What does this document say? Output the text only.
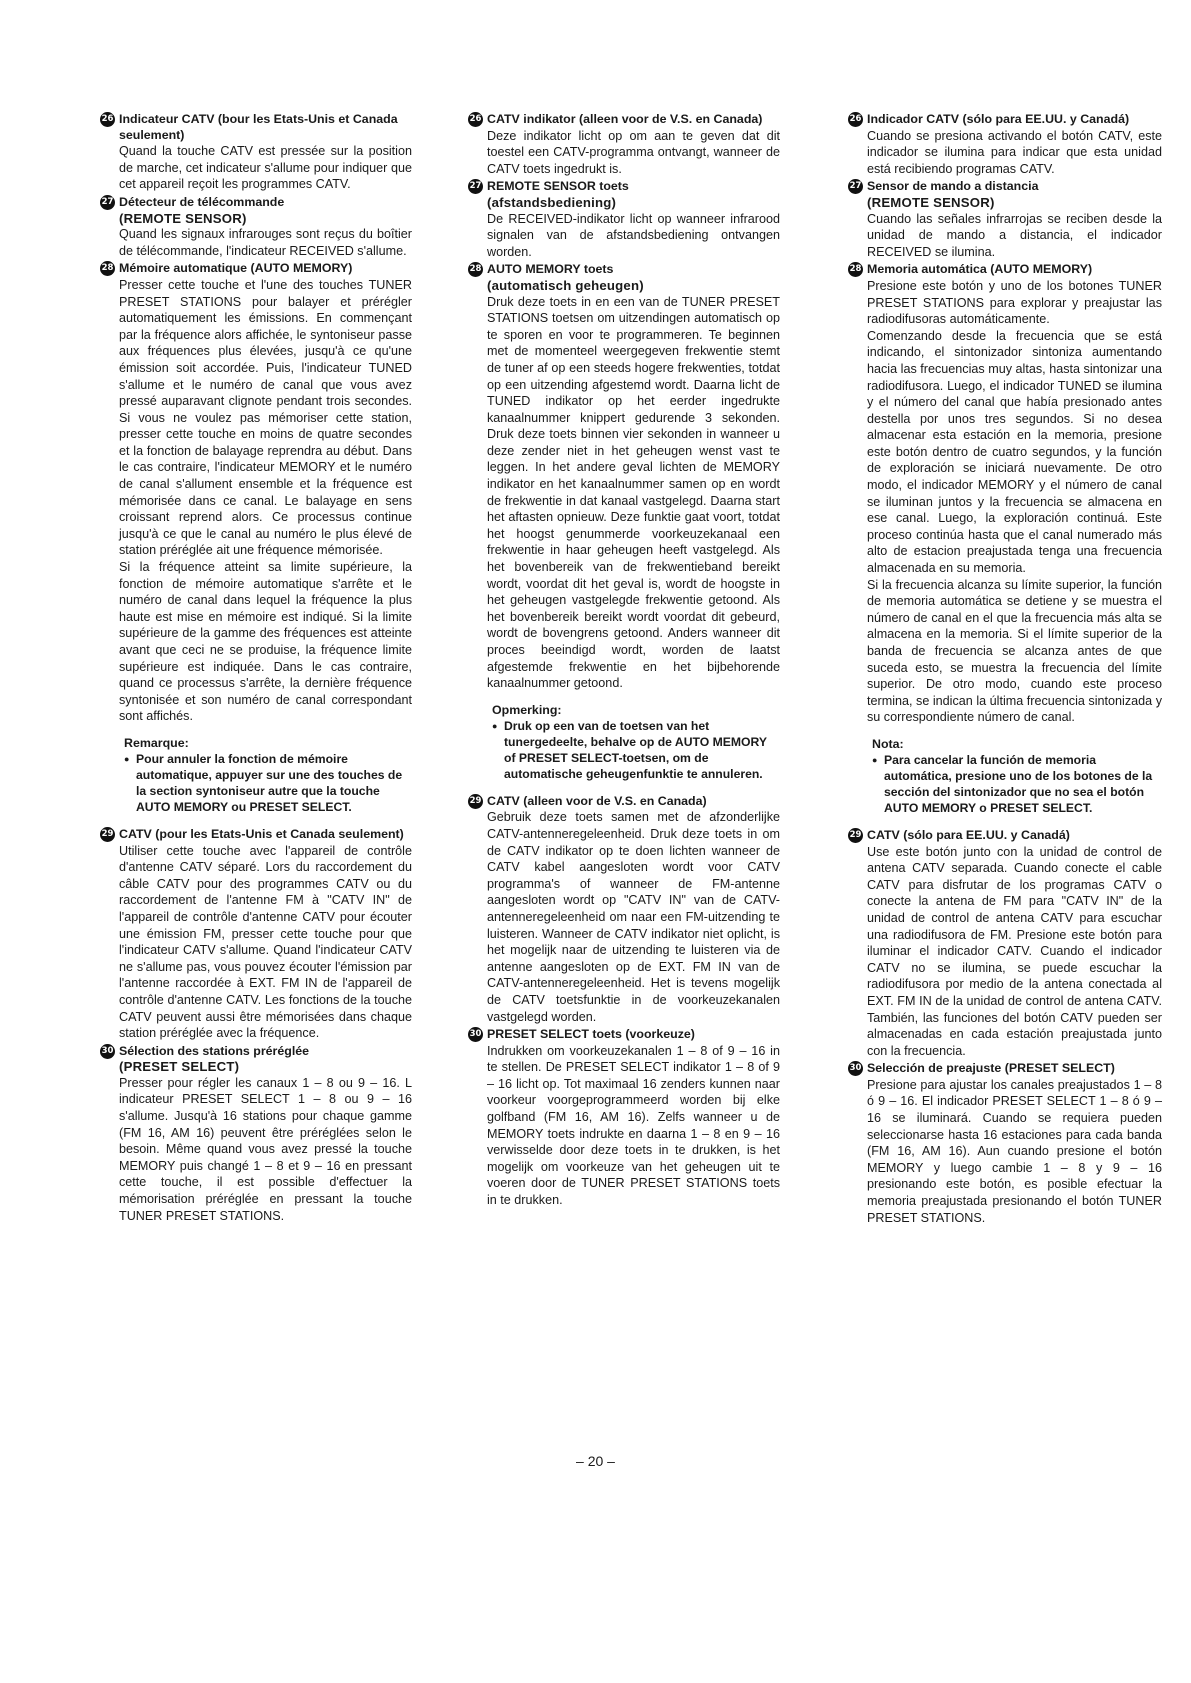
26 Indicateur CATV (bour les Etats-Unis et Canada seulement)

Quand la touche CATV est pressée sur la position de marche, cet indicateur s'allume pour indiquer que cet appareil reçoit les programmes CATV.

27 Détecteur de télécommande
(REMOTE SENSOR)

Quand les signaux infrarouges sont reçus du boîtier de télécommande, l'indicateur RECEIVED s'allume.

28 Mémoire automatique (AUTO MEMORY)

Presser cette touche et l'une des touches TUNER PRESET STATIONS pour balayer et prérégler automatiquement les émissions. En commençant par la fréquence alors affichée, le syntoniseur passe aux fréquences plus élevées, jusqu'à ce qu'une émission soit accordée. Puis, l'indicateur TUNED s'allume et le numéro de canal que vous avez pressé auparavant clignote pendant trois secondes. Si vous ne voulez pas mémoriser cette station, presser cette touche en moins de quatre secondes et la fonction de balayage reprendra au début. Dans le cas contraire, l'indicateur MEMORY et le numéro de canal s'allument ensemble et la fréquence est mémorisée dans ce canal. Le balayage en sens croissant reprend alors. Ce processus continue jusqu'à ce que le canal au numéro le plus élevé de station préréglée ait une fréquence mémorisée.

Si la fréquence atteint sa limite supérieure, la fonction de mémoire automatique s'arrête et le numéro de canal dans lequel la fréquence la plus haute est mise en mémoire est indiqué. Si la limite supérieure de la gamme des fréquences est atteinte avant que ceci ne se produise, la fréquence limite supérieure est indiquée. Dans le cas contraire, quand ce processus s'arrête, la dernière fréquence syntonisée et son numéro de canal correspondant sont affichés.

Remarque:
● Pour annuler la fonction de mémoire automatique, appuyer sur une des touches de la section syntoniseur autre que la touche AUTO MEMORY ou PRESET SELECT.
29 CATV (pour les Etats-Unis et Canada seulement)

Utiliser cette touche avec l'appareil de contrôle d'antenne CATV séparé. Lors du raccordement du câble CATV pour des programmes CATV ou du raccordement de l'antenne FM à "CATV IN" de l'appareil de contrôle d'antenne CATV pour écouter une émission FM, presser cette touche pour que l'indicateur CATV s'allume. Quand l'indicateur CATV ne s'allume pas, vous pouvez écouter l'émission par l'antenne raccordée à EXT. FM IN de l'appareil de contrôle d'antenne CATV. Les fonctions de la touche CATV peuvent aussi être mémorisées dans chaque station préréglée avec la fréquence.

30 Sélection des stations préréglée
(PRESET SELECT)

Presser pour régler les canaux 1 – 8 ou 9 – 16. L indicateur PRESET SELECT 1 – 8 ou 9 – 16 s'allume. Jusqu'à 16 stations pour chaque gamme (FM 16, AM 16) peuvent être préréglées selon le besoin. Même quand vous avez pressé la touche MEMORY puis changé 1 – 8 et 9 – 16 en pressant cette touche, il est possible d'effectuer la mémorisation préréglée en pressant la touche TUNER PRESET STATIONS.

26 CATV indikator (alleen voor de V.S. en Canada)

Deze indikator licht op om aan te geven dat dit toestel een CATV-programma ontvangt, wanneer de CATV toets ingedrukt is.

27 REMOTE SENSOR toets
(afstandsbediening)

De RECEIVED-indikator licht op wanneer infrarood signalen van de afstandsbediening ontvangen worden.

28 AUTO MEMORY toets
(automatisch geheugen)

Druk deze toets in en een van de TUNER PRESET STATIONS toetsen om uitzendingen automatisch op te sporen en voor te programmeren. Te beginnen met de momenteel weergegeven frekwentie stemt de tuner af op een steeds hogere frekwenties, totdat op een uitzending afgestemd wordt. Daarna licht de TUNED indikator op het eerder ingedrukte kanaalnummer knippert gedurende 3 sekonden. Druk deze toets binnen vier sekonden in wanneer u deze zender niet in het geheugen wenst vast te leggen. In het andere geval lichten de MEMORY indikator en het kanaalnummer samen op en wordt de frekwentie in dat kanaal vastgelegd. Daarna start het aftasten opnieuw. Deze funktie gaat voort, totdat het hoogst genummerde voorkeuzekanaal een frekwentie in haar geheugen heeft vastgelegd. Als het bovenbereik van de frekwentieband bereikt wordt, voordat dit het geval is, wordt de hoogste in het geheugen vastgelegde frekwentie getoond. Als het bovenbereik bereikt wordt voordat dit gebeurd, wordt de bovengrens getoond. Anders wanneer dit proces beeindigd wordt, worden de laatst afgestemde frekwentie en het bijbehorende kanaalnummer getoond.

Opmerking:
● Druk op een van de toetsen van het tunergedeelte, behalve op de AUTO MEMORY of PRESET SELECT-toetsen, om de automatische geheugenfunktie te annuleren.
29 CATV (alleen voor de V.S. en Canada)

Gebruik deze toets samen met de afzonderlijke CATV-antenneregeleenheid. Druk deze toets in om de CATV indikator op te doen lichten wanneer de CATV kabel aangesloten wordt voor CATV programma's of wanneer de FM-antenne aangesloten wordt op "CATV IN" van de CATV-antenneregeleenheid om naar een FM-uitzending te luisteren. Wanneer de CATV indikator niet oplicht, is het mogelijk naar de uitzending te luisteren via de antenne aangesloten op de EXT. FM IN van de CATV-antenneregeleenheid. Het is tevens mogelijk de CATV toetsfunktie in de voorkeuzekanalen vastgelegd worden.

30 PRESET SELECT toets (voorkeuze)

Indrukken om voorkeuzekanalen 1 – 8 of 9 – 16 in te stellen. De PRESET SELECT indikator 1 – 8 of 9 – 16 licht op. Tot maximaal 16 zenders kunnen naar voorkeur voorgeprogrammeerd worden bij elke golfband (FM 16, AM 16). Zelfs wanneer u de MEMORY toets indrukte en daarna 1 – 8 en 9 – 16 verwisselde door deze toets in te drukken, is het mogelijk om voorkeuze van het geheugen uit te voeren door de TUNER PRESET STATIONS toets in te drukken.

26 Indicador CATV (sólo para EE.UU. y Canadá)

Cuando se presiona activando el botón CATV, este indicador se ilumina para indicar que esta unidad está recibiendo programas CATV.

27 Sensor de mando a distancia
(REMOTE SENSOR)

Cuando las señales infrarrojas se reciben desde la unidad de mando a distancia, el indicador RECEIVED se ilumina.

28 Memoria automática (AUTO MEMORY)

Presione este botón y uno de los botones TUNER PRESET STATIONS para explorar y preajustar las radiodifusoras automáticamente.

Comenzando desde la frecuencia que se está indicando, el sintonizador sintoniza aumentando hacia las frecuencias muy altas, hasta sintonizar una radiodifusora. Luego, el indicador TUNED se ilumina y el número del canal que había presionado antes destella por unos tres segundos. Si no desea almacenar esta estación en la memoria, presione este botón dentro de cuatro segundos, y la función de exploración se iniciará nuevamente. De otro modo, el indicador MEMORY y el número de canal se iluminan juntos y la frecuencia se almacena en ese canal. Luego, la exploración continuá. Este proceso continúa hasta que el canal numerado más alto de estacion preajustada tenga una frecuencia almacenada en su memoria.

Si la frecuencia alcanza su límite superior, la función de memoria automática se detiene y se muestra el número de canal en el que la frecuencia más alta se almacena en la memoria. Si el límite superior de la banda de frecuencia se alcanza antes de que suceda esto, se muestra la frecuencia del límite superior. De otro modo, cuando este proceso termina, se indican la última frecuencia sintonizada y su correspondiente número de canal.

Nota:
● Para cancelar la función de memoria automática, presione uno de los botones de la sección del sintonizador que no sea el botón AUTO MEMORY o PRESET SELECT.
29 CATV (sólo para EE.UU. y Canadá)

Use este botón junto con la unidad de control de antena CATV separada. Cuando conecte el cable CATV para disfrutar de los programas CATV o conecte la antena de FM para "CATV IN" de la unidad de control de antena CATV para escuchar una radiodifusora de FM. Presione este botón para iluminar el indicador CATV. Cuando el indicador CATV no se ilumina, se puede escuchar la radiodifusora por medio de la antena conectada al EXT. FM IN de la unidad de control de antena CATV. También, las funciones del botón CATV pueden ser almacenadas en cada estación preajustada junto con la frecuencia.

30 Selección de preajuste (PRESET SELECT)

Presione para ajustar los canales preajustados 1 – 8 ó 9 – 16. El indicador PRESET SELECT 1 – 8 ó 9 – 16 se iluminará. Cuando se requiera pueden seleccionarse hasta 16 estaciones para cada banda (FM 16, AM 16). Aun cuando presione el botón MEMORY y luego cambie 1 – 8 y 9 – 16 presionando este botón, es posible efectuar la memoria preajustada presionando el botón TUNER PRESET STATIONS.

– 20 –
